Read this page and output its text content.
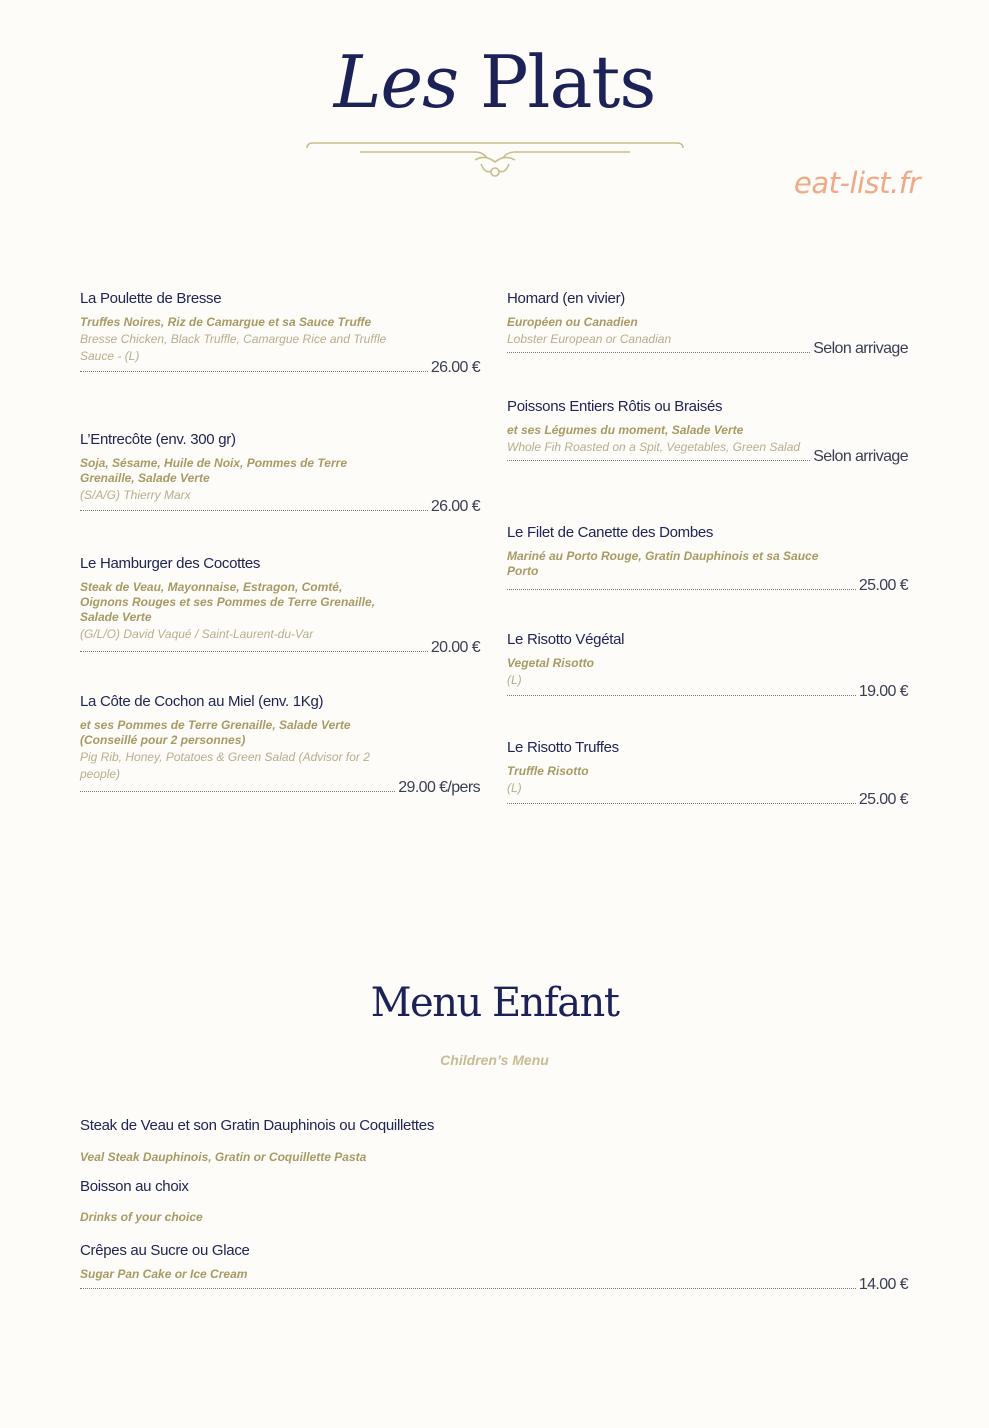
Les Plats
eat-list.fr
La Poulette de Bresse
Truffes Noires, Riz de Camargue et sa Sauce Truffe
Bresse Chicken, Black Truffle, Camargue Rice and Truffle Sauce - (L)
26.00 €
L’Entrecôte (env. 300 gr)
Soja, Sésame, Huile de Noix, Pommes de Terre Grenaille, Salade Verte
(S/A/G) Thierry Marx
26.00 €
Le Hamburger des Cocottes
Steak de Veau, Mayonnaise, Estragon, Comté, Oignons Rouges et ses Pommes de Terre Grenaille, Salade Verte
(G/L/O) David Vaqué / Saint-Laurent-du-Var
20.00 €
La Côte de Cochon au Miel (env. 1Kg)
et ses Pommes de Terre Grenaille, Salade Verte (Conseillé pour 2 personnes)
Pig Rib, Honey, Potatoes & Green Salad (Advisor for 2 people)
29.00 €/pers
Homard (en vivier)
Européen ou Canadien
Lobster European or Canadian
Selon arrivage
Poissons Entiers Rôtis ou Braisés
et ses Légumes du moment, Salade Verte
Whole Fih Roasted on a Spit, Vegetables, Green Salad
Selon arrivage
Le Filet de Canette des Dombes
Mariné au Porto Rouge, Gratin Dauphinois et sa Sauce Porto
25.00 €
Le Risotto Végétal
Vegetal Risotto
(L)
19.00 €
Le Risotto Truffes
Truffle Risotto
(L)
25.00 €
Menu Enfant
Children’s Menu
Steak de Veau et son Gratin Dauphinois ou Coquillettes
Veal Steak Dauphinois, Gratin or Coquillette Pasta
Boisson au choix
Drinks of your choice
Crêpes au Sucre ou Glace
Sugar Pan Cake or Ice Cream
14.00 €
